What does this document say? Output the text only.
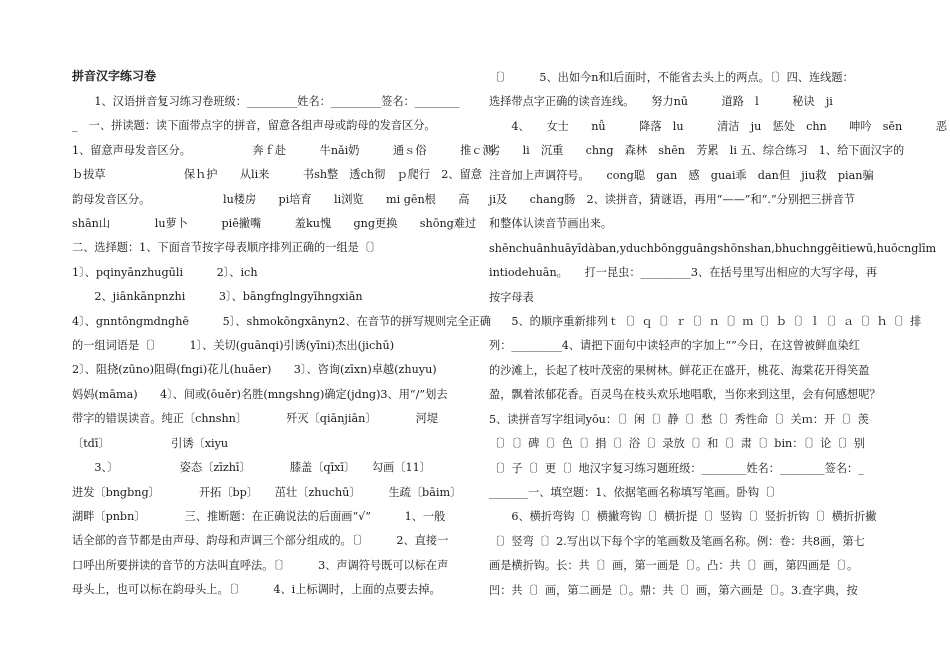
拼音汉字练习卷
　　1、汉语拼音复习练习卷班级：_________姓名：_________签名：________
_　一、拼读题：读下面带点字的拼音，留意各组声母或韵母的发音区分。
1、留意声母发音区分。　　　　　　奔ｆ赴　　　牛nǎi奶　　　通ｓ俗　　　推ｃ测
ｂ拔草　　　　　　　保ｈ护　　从li来　　　书sh整　透ch彻　ｐ爬行　2、留意
韵母发音区分。　　　　　　　lu楼房　　pi培育　　li浏览　　mi gēn根　　高
shān山　　　　lu萝卜　　　piē撇嘴　　　羞ku愧　　gng更换　　shōng难过
二、选择题：1、下面音节按字母表顺序排列正确的一组是〔〕
1〕、pqinyānzhugūli　　　2〕、ich
　　2、jiānkānpnzhi　　　3〕、bāngfnglngyīhngxiān
4〕、gnntōngmdnghē　　　5〕、shmokōngxānyn2、在音节的拼写规则完全正确
的一组词语是〔〕　　　1〕、关切(guānqi)引诱(yīni)杰出(jichū)
2〕、阻挠(zūno)阻碍(fngi)花儿(huāer)　　3〕、咨询(zīxn)卓越(zhuyu)
妈妈(māma)　　4〕、间或(ōuěr)名胜(mngshng)确定(jdng)3、用“/”划去
带字的错误读音。纯正〔chnshn〕　　　　歼灭〔qiānjiān〕　　　　河堤
〔tdī〕　　　　　　引诱〔xiyu
　　3、〕　　　　　　姿态〔zīzhī〕　　　　膝盖〔qīxī〕　　勾画〔11〕
进发〔bngbng〕　　　　开拓〔bp〕　　茁壮〔zhuchū〕　　　生疏〔bāim〕
湖畔〔pnbn〕　　　　三、推断题：在正确说法的后面画“√”　　　1、一般
话全部的音节都是由声母、韵母和声调三个部分组成的。〔〕　　　2、直接一
口呼出所要拼读的音节的方法叫直呼法。〔〕　　　3、声调符号既可以标在声
母头上，也可以标在韵母头上。〔〕　　　4、i上标调时，上面的点要去掉。
〔〕　　　5、出如今n和l后面时，不能省去头上的两点。〔〕四、连线题：
选择带点字正确的读音连线。　　努力nū　　　道路　l　　　秘诀　ji
　　4、　　女士　　nǚ　　　降落　lu　　　清洁　ju　惩处　chn　　呻吟　sēn　　　恶
劣　　li　沉重　　chng　森林　shēn　芳累　li 五、综合练习　1、给下面汉字的
注音加上声调符号。　　cong聪　gan　感　guai乖　dan但　jiu救　pian骗
ji及　　chang肠　2、读拼音，猜谜语，再用“——”和“.”分别把三拼音节
和整体认读音节画出来。
shēnchuānhuāyīdàban,yduchbōngguāngshōnshan,bhuchnggēitiewū,huōcnglīm
intiodehuān。　　打一昆虫：_________3、在括号里写出相应的大写字母，再
按字母表
　　5、的顺序重新排列ｔ〔〕ｑ〔〕ｒ〔〕ｎ〔〕ｍ〔〕ｂ〔〕ｌ〔〕ａ〔〕ｈ〔〕排
列：_________4、请把下面句中读轻声的字加上“”今日，在这曾被鲜血染红
的沙滩上，长起了枝叶茂密的果树林。鲜花正在盛开，桃花、海棠花开得笑盈
盈，飘着浓郁花香。百灵鸟在枝头欢乐地唱歌，当你来到这里，会有何感想呢？
5、读拼音写字组词yōu：〔〕闲〔〕静〔〕愁〔〕秀性命〔〕关ｍ：开〔〕羡
〔〕〔〕碑〔〕色〔〕捐〔〕浴〔〕录放〔〕和〔〕肃〔〕bin：〔〕论〔〕别
〔〕子〔〕更〔〕地汉字复习练习题班级：________姓名：________签名：_
_______一、填空题：1、依据笔画名称填写笔画。卧钩〔〕
　　6、横折弯钩〔〕横撇弯钩〔〕横折提〔〕竖钩〔〕竖折折钩〔〕横折折撇
〔〕竖弯〔〕2.写出以下每个字的笔画数及笔画名称。例：卷：共8画，第七
画是横折钩。长：共〔〕画，第一画是〔〕。凸：共〔〕画，第四画是〔〕。
凹：共〔〕画，第二画是〔〕。鼎：共〔〕画，第六画是〔〕。3.查字典，按
